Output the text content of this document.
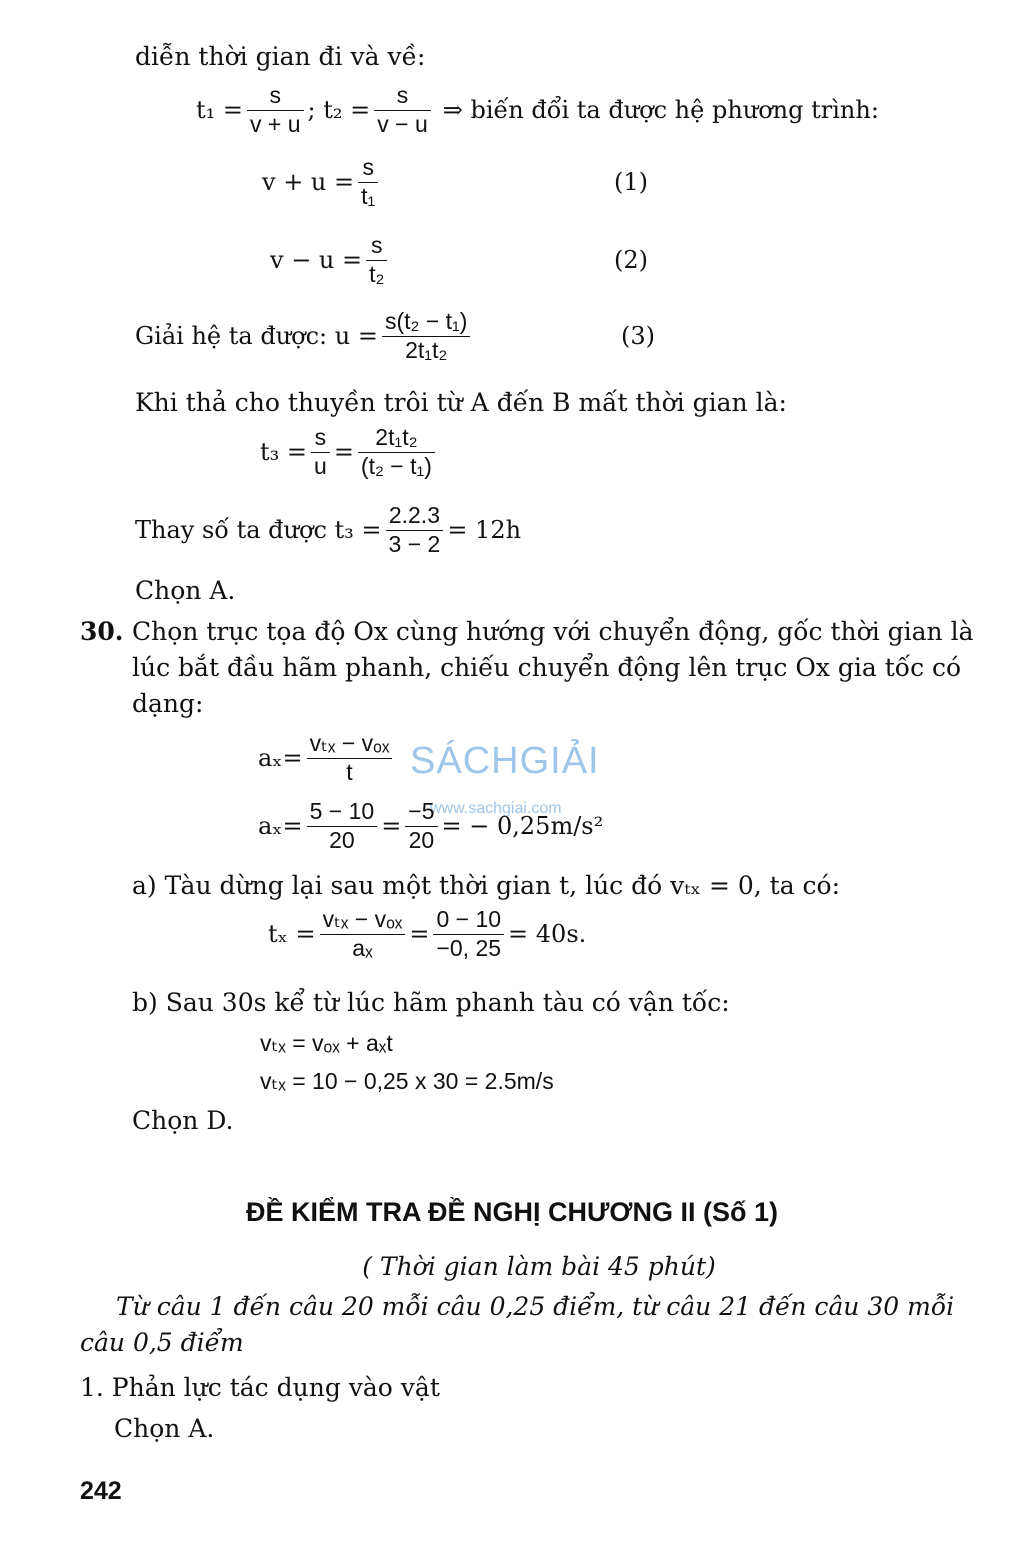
diễn thời gian đi và về:
$t_1 = \frac{s}{v + u}$ ; $t_2 = \frac{s}{v - u}$ ⇒ biến đổi ta được hệ phương trình:
$v + u = \frac{s}{\text{t₁}}$	(1)
$v - u = \frac{s}{\text{t₂}}$	(2)
Giải hệ ta được: $u = \frac{\text{s(t₂ − t₁)}}{\text{2t₁t₂}}$	(3)
Khi thả cho thuyền trôi từ A đến B mất thời gian là:
$t_3 = \frac{s}{u} = \frac{\text{2t₁t₂}}{\text{(t₂ − t₁)}}$
Thay số ta được $t_3 = \frac{2.2.3}{3 - 2} = 12h$
Chọn A.
30. Chọn trục tọa độ Ox cùng hướng với chuyển động, gốc thời gian là
lúc bắt đầu hãm phanh, chiếu chuyển động lên trục Ox gia tốc có
dạng:
SÁCHGIẢI
www.sachgiai.com
$a_x= \frac{\text{vₜₓ − vₒₓ}}{t}$
$a_x= \frac{5 - 10}{20} = \frac{-5}{20}$ = − 0,25m/s²
a) Tàu dừng lại sau một thời gian t, lúc đó vₜₓ = 0, ta có:
$t_x = \frac{\text{vₜₓ − vₒₓ}}{\text{aₓ}} = \frac{0 - 10}{-0, 25} = 40s$.
b) Sau 30s kể từ lúc hãm phanh tàu có vận tốc:
vₜₓ = vₒₓ + aₓt
vₜₓ = 10 − 0,25 x 30 = 2.5m/s
Chọn D.
ĐỀ KIỂM TRA ĐỀ NGHỊ CHƯƠNG II (Số 1)
( Thời gian làm bài 45 phút)
Từ câu 1 đến câu 20 mỗi câu 0,25 điểm, từ câu 21 đến câu 30 mỗi
câu 0,5 điểm
1. Phản lực tác dụng vào vật
Chọn A.
242
